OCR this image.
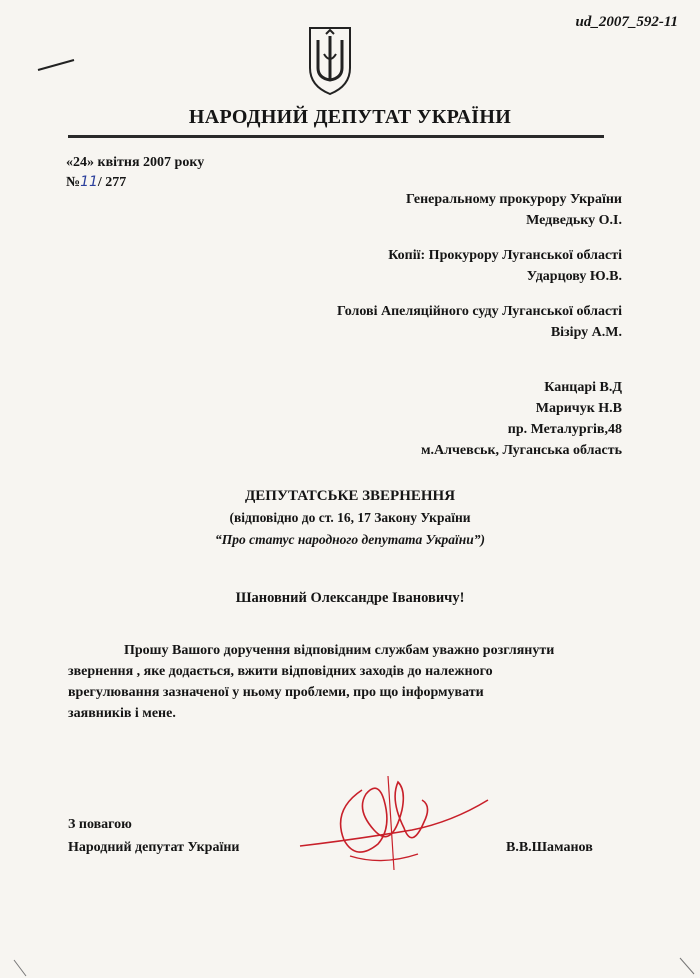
ud_2007_592-11
НАРОДНИЙ ДЕПУТАТ УКРАЇНИ
«24» квітня 2007 року
№11/ 277
Генеральному прокурору України
Медведьку О.І.
Копії: Прокурору Луганської області
Ударцову Ю.В.
Голові Апеляційного суду Луганської області
Візіру А.М.
Канцарі В.Д
Маричук Н.В
пр. Металургів,48
м.Алчевськ, Луганська область
ДЕПУТАТСЬКЕ ЗВЕРНЕННЯ
(відповідно до ст. 16, 17 Закону України
“Про статус народного депутата України”)
Шановний Олександре Івановичу!

Прошу Вашого доручення відповідним службам уважно розглянути

звернення , яке додається, вжити відповідних заходів до належного

врегулювання зазначеної у ньому проблеми, про що інформувати

заявників і мене.

З повагою
Народний депутат України	В.В.Шаманов
